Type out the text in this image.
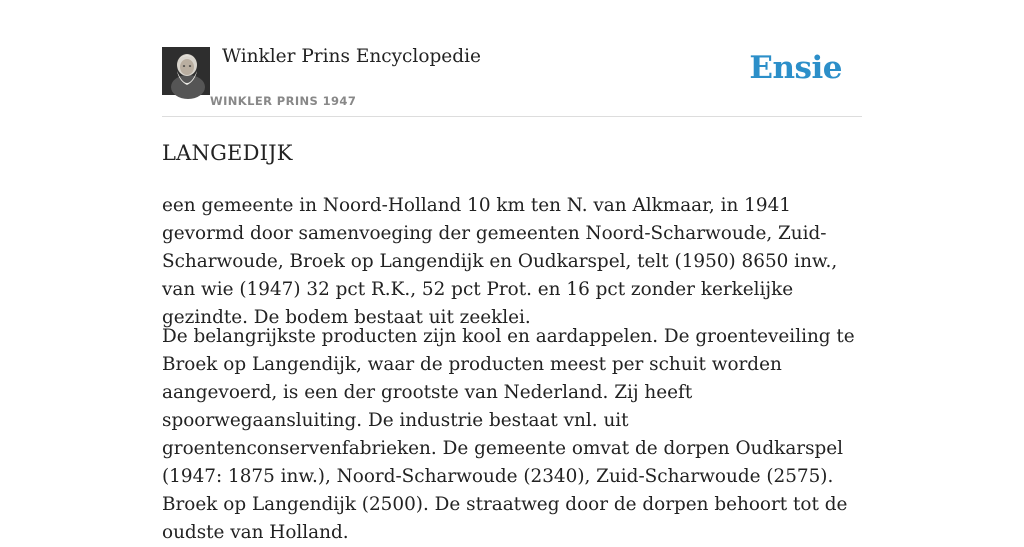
Winkler Prins Encyclopedie
WINKLER PRINS 1947
Ensie
LANGEDIJK

een gemeente in Noord-Holland 10 km ten N. van Alkmaar, in 1941 gevormd door samenvoeging der gemeenten Noord-Scharwoude, Zuid-Scharwoude, Broek op Langendijk en Oudkarspel, telt (1950) 8650 inw., van wie (1947) 32 pct R.K., 52 pct Prot. en 16 pct zonder kerkelijke gezindte. De bodem bestaat uit zeeklei.

De belangrijkste producten zijn kool en aardappelen. De groenteveiling te Broek op Langendijk, waar de producten meest per schuit worden aangevoerd, is een der grootste van Nederland. Zij heeft spoorwegaansluiting. De industrie bestaat vnl. uit groentenconservenfabrieken. De gemeente omvat de dorpen Oudkarspel (1947: 1875 inw.), Noord-Scharwoude (2340), Zuid-Scharwoude (2575). Broek op Langendijk (2500). De straatweg door de dorpen behoort tot de oudste van Holland.
